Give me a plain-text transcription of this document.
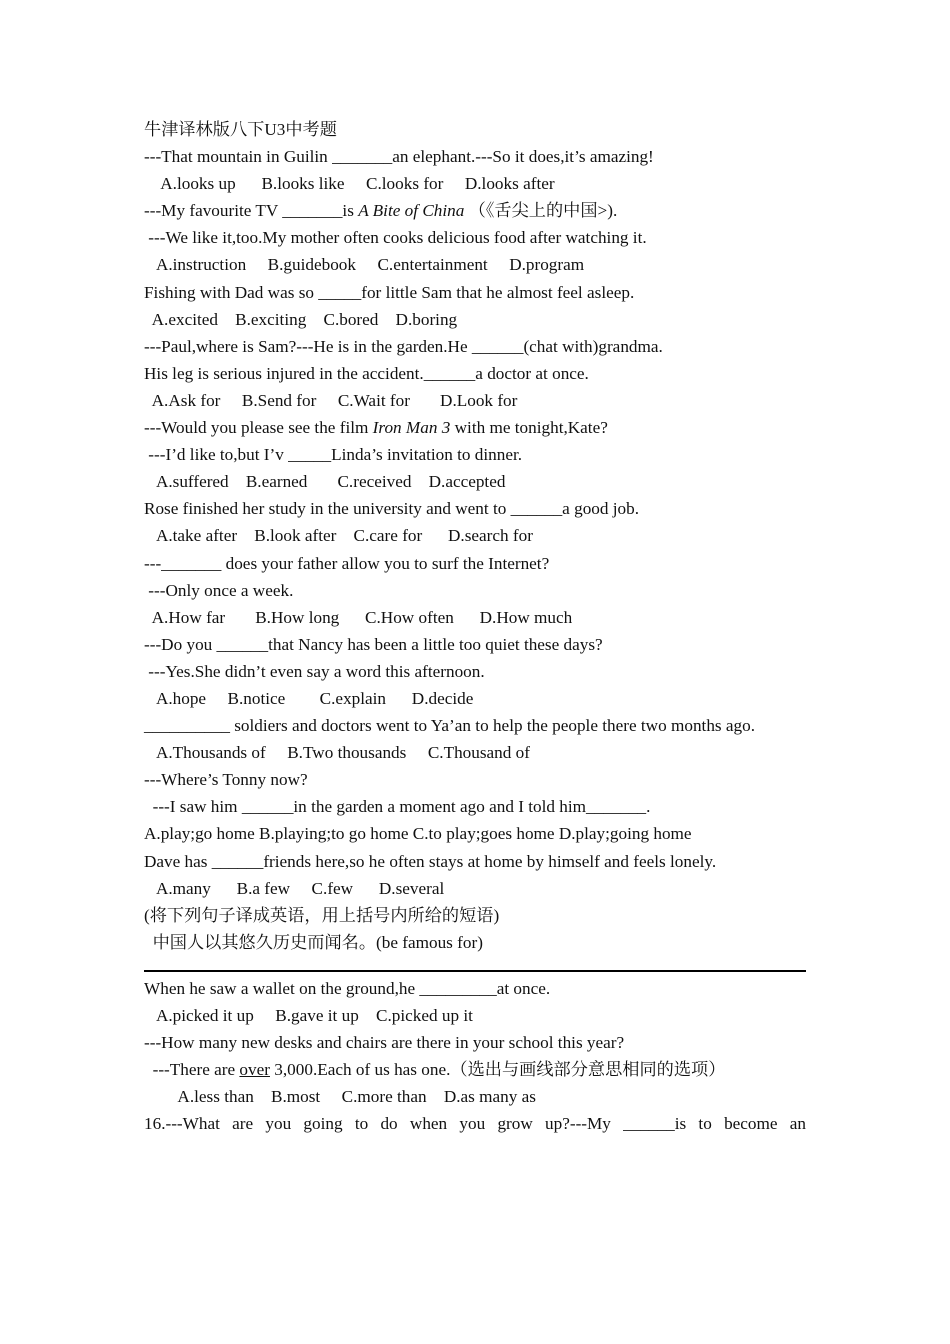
牛津译林版八下U3中考题
---That mountain in Guilin _______an elephant.---So it does,it’s amazing!
A.looks up      B.looks like     C.looks for     D.looks after
---My favourite TV _______is A Bite of China （《舌尖上的中国>).
---We like it,too.My mother often cooks delicious food after watching it.
A.instruction     B.guidebook     C.entertainment     D.program
Fishing with Dad was so _____for little Sam that he almost feel asleep.
A.excited    B.exciting    C.bored    D.boring
---Paul,where is Sam?---He is in the garden.He ______(chat with)grandma.
His leg is serious injured in the accident.______a doctor at once.
A.Ask for     B.Send for     C.Wait for       D.Look for
---Would you please see the film Iron Man 3 with me tonight,Kate?
---I’d like to,but I’v _____Linda’s invitation to dinner.
A.suffered    B.earned       C.received    D.accepted
Rose finished her study in the university and went to ______a good job.
A.take after    B.look after    C.care for      D.search for
---_______ does your father allow you to surf the Internet?
---Only once a week.
A.How far       B.How long      C.How often      D.How much
---Do you ______that Nancy has been a little too quiet these days?
---Yes.She didn’t even say a word this afternoon.
A.hope     B.notice        C.explain      D.decide
__________ soldiers and doctors went to Ya’an to help the people there two months ago.
A.Thousands of     B.Two thousands     C.Thousand of
---Where’s Tonny now?
---I saw him ______in the garden a moment ago and I told him_______.
A.play;go home B.playing;to go home C.to play;goes home D.play;going home
Dave has ______friends here,so he often stays at home by himself and feels lonely.
A.many      B.a few     C.few      D.several
(将下列句子译成英语，用上括号内所给的短语)
中国人以其悠久历史而闻名。(be famous for)
When he saw a wallet on the ground,he _________at once.
A.picked it up     B.gave it up    C.picked up it
---How many new desks and chairs are there in your school this year?
---There are over 3,000.Each of us has one.（选出与画线部分意思相同的选项）
A.less than    B.most     C.more than    D.as many as
16.---What are you going to do when you grow up?---My ______is to become an
